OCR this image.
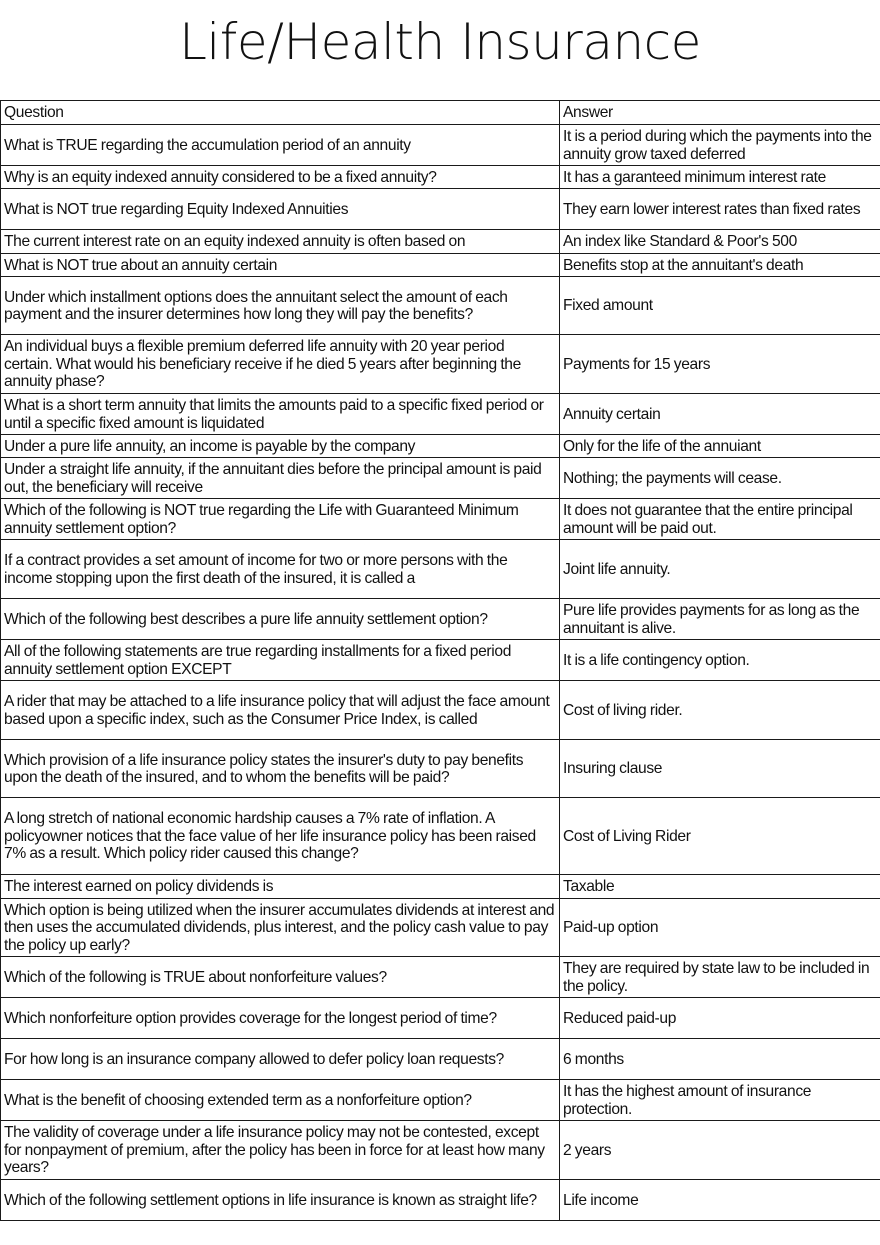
Life/Health Insurance
Question	Answer
What is TRUE regarding the accumulation period of an annuity	It is a period during which the payments into the annuity grow taxed deferred
Why is an equity indexed annuity considered to be a fixed annuity?	It has a garanteed minimum interest rate
What is NOT true regarding Equity Indexed Annuities	They earn lower interest rates than fixed rates
The current interest rate on an equity indexed annuity is often based on	An index like Standard & Poor's 500
What is NOT true about an annuity certain	Benefits stop at the annuitant's death
Under which installment options does the annuitant select the amount of each payment and the insurer determines how long they will pay the benefits?	Fixed amount
An individual buys a flexible premium deferred life annuity with 20 year period certain. What would his beneficiary receive if he died 5 years after beginning the annuity phase?	Payments for 15 years
What is a short term annuity that limits the amounts paid to a specific fixed period or until a specific fixed amount is liquidated	Annuity certain
Under a pure life annuity, an income is payable by the company	Only for the life of the annuiant
Under a straight life annuity, if the annuitant dies before the principal amount is paid out, the beneficiary will receive	Nothing; the payments will cease.
Which of the following is NOT true regarding the Life with Guaranteed Minimum annuity settlement option?	It does not guarantee that the entire principal amount will be paid out.
If a contract provides a set amount of income for two or more persons with the income stopping upon the first death of the insured, it is called a	Joint life annuity.
Which of the following best describes a pure life annuity settlement option?	Pure life provides payments for as long as the annuitant is alive.
All of the following statements are true regarding installments for a fixed period annuity settlement option EXCEPT	It is a life contingency option.
A rider that may be attached to a life insurance policy that will adjust the face amount based upon a specific index, such as the Consumer Price Index, is called	Cost of living rider.
Which provision of a life insurance policy states the insurer's duty to pay benefits upon the death of the insured, and to whom the benefits will be paid?	Insuring clause
A long stretch of national economic hardship causes a 7% rate of inflation. A policyowner notices that the face value of her life insurance policy has been raised 7% as a result. Which policy rider caused this change?	Cost of Living Rider
The interest earned on policy dividends is	Taxable
Which option is being utilized when the insurer accumulates dividends at interest and then uses the accumulated dividends, plus interest, and the policy cash value to pay the policy up early?	Paid-up option
Which of the following is TRUE about nonforfeiture values?	They are required by state law to be included in the policy.
Which nonforfeiture option provides coverage for the longest period of time?	Reduced paid-up
For how long is an insurance company allowed to defer policy loan requests?	6 months
What is the benefit of choosing extended term as a nonforfeiture option?	It has the highest amount of insurance protection.
The validity of coverage under a life insurance policy may not be contested, except for nonpayment of premium, after the policy has been in force for at least how many years?	2 years
Which of the following settlement options in life insurance is known as straight life?	Life income
